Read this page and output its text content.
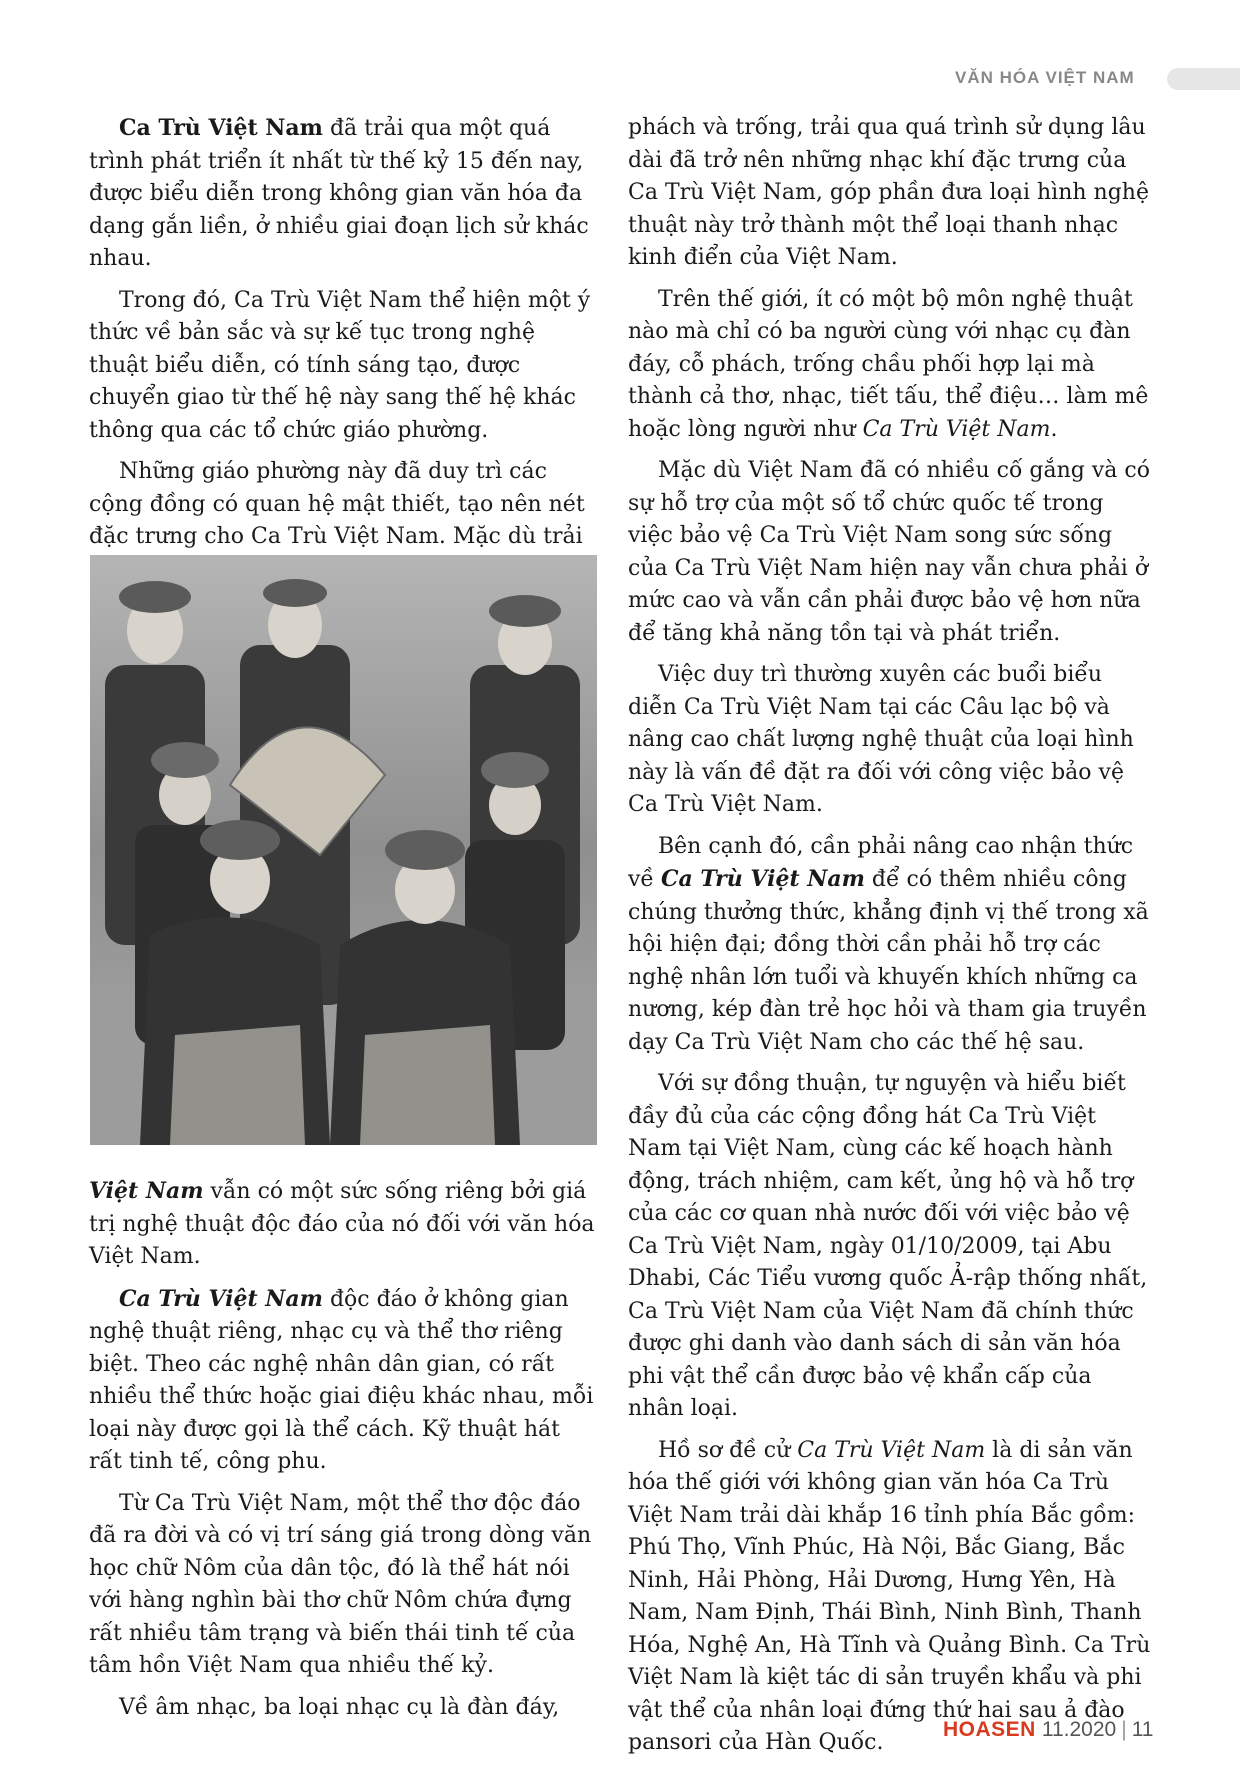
VĂN HÓA VIỆT NAM

Ca Trù Việt Nam đã trải qua một quá trình phát triển ít nhất từ thế kỷ 15 đến nay, được biểu diễn trong không gian văn hóa đa dạng gắn liền, ở nhiều giai đoạn lịch sử khác nhau.

Trong đó, Ca Trù Việt Nam thể hiện một ý thức về bản sắc và sự kế tục trong nghệ thuật biểu diễn, có tính sáng tạo, được chuyển giao từ thế hệ này sang thế hệ khác thông qua các tổ chức giáo phường.

Những giáo phường này đã duy trì các cộng đồng có quan hệ mật thiết, tạo nên nét đặc trưng cho Ca Trù Việt Nam. Mặc dù trải

Việt Nam vẫn có một sức sống riêng bởi giá trị nghệ thuật độc đáo của nó đối với văn hóa Việt Nam.

Ca Trù Việt Nam độc đáo ở không gian nghệ thuật riêng, nhạc cụ và thể thơ riêng biệt. Theo các nghệ nhân dân gian, có rất nhiều thể thức hoặc giai điệu khác nhau, mỗi loại này được gọi là thể cách. Kỹ thuật hát rất tinh tế, công phu.

Từ Ca Trù Việt Nam, một thể thơ độc đáo đã ra đời và có vị trí sáng giá trong dòng văn học chữ Nôm của dân tộc, đó là thể hát nói với hàng nghìn bài thơ chữ Nôm chứa đựng rất nhiều tâm trạng và biến thái tinh tế của tâm hồn Việt Nam qua nhiều thế kỷ.

Về âm nhạc, ba loại nhạc cụ là đàn đáy,

phách và trống, trải qua quá trình sử dụng lâu dài đã trở nên những nhạc khí đặc trưng của Ca Trù Việt Nam, góp phần đưa loại hình nghệ thuật này trở thành một thể loại thanh nhạc kinh điển của Việt Nam.

Trên thế giới, ít có một bộ môn nghệ thuật nào mà chỉ có ba người cùng với nhạc cụ đàn đáy, cỗ phách, trống chầu phối hợp lại mà thành cả thơ, nhạc, tiết tấu, thể điệu… làm mê hoặc lòng người như Ca Trù Việt Nam.

Mặc dù Việt Nam đã có nhiều cố gắng và có sự hỗ trợ của một số tổ chức quốc tế trong việc bảo vệ Ca Trù Việt Nam song sức sống của Ca Trù Việt Nam hiện nay vẫn chưa phải ở mức cao và vẫn cần phải được bảo vệ hơn nữa để tăng khả năng tồn tại và phát triển.

Việc duy trì thường xuyên các buổi biểu diễn Ca Trù Việt Nam tại các Câu lạc bộ và nâng cao chất lượng nghệ thuật của loại hình này là vấn đề đặt ra đối với công việc bảo vệ Ca Trù Việt Nam.

Bên cạnh đó, cần phải nâng cao nhận thức về Ca Trù Việt Nam để có thêm nhiều công chúng thưởng thức, khẳng định vị thế trong xã hội hiện đại; đồng thời cần phải hỗ trợ các nghệ nhân lớn tuổi và khuyến khích những ca nương, kép đàn trẻ học hỏi và tham gia truyền dạy Ca Trù Việt Nam cho các thế hệ sau.

Với sự đồng thuận, tự nguyện và hiểu biết đầy đủ của các cộng đồng hát Ca Trù Việt Nam tại Việt Nam, cùng các kế hoạch hành động, trách nhiệm, cam kết, ủng hộ và hỗ trợ của các cơ quan nhà nước đối với việc bảo vệ Ca Trù Việt Nam, ngày 01/10/2009, tại Abu Dhabi, Các Tiểu vương quốc Ả-rập thống nhất, Ca Trù Việt Nam của Việt Nam đã chính thức được ghi danh vào danh sách di sản văn hóa phi vật thể cần được bảo vệ khẩn cấp của nhân loại.

Hồ sơ đề cử Ca Trù Việt Nam là di sản văn hóa thế giới với không gian văn hóa Ca Trù Việt Nam trải dài khắp 16 tỉnh phía Bắc gồm: Phú Thọ, Vĩnh Phúc, Hà Nội, Bắc Giang, Bắc Ninh, Hải Phòng, Hải Dương, Hưng Yên, Hà Nam, Nam Định, Thái Bình, Ninh Bình, Thanh Hóa, Nghệ An, Hà Tĩnh và Quảng Bình. Ca Trù Việt Nam là kiệt tác di sản truyền khẩu và phi vật thể của nhân loại đứng thứ hai sau ả đào pansori của Hàn Quốc.

HOASEN 11.2020 | 11
